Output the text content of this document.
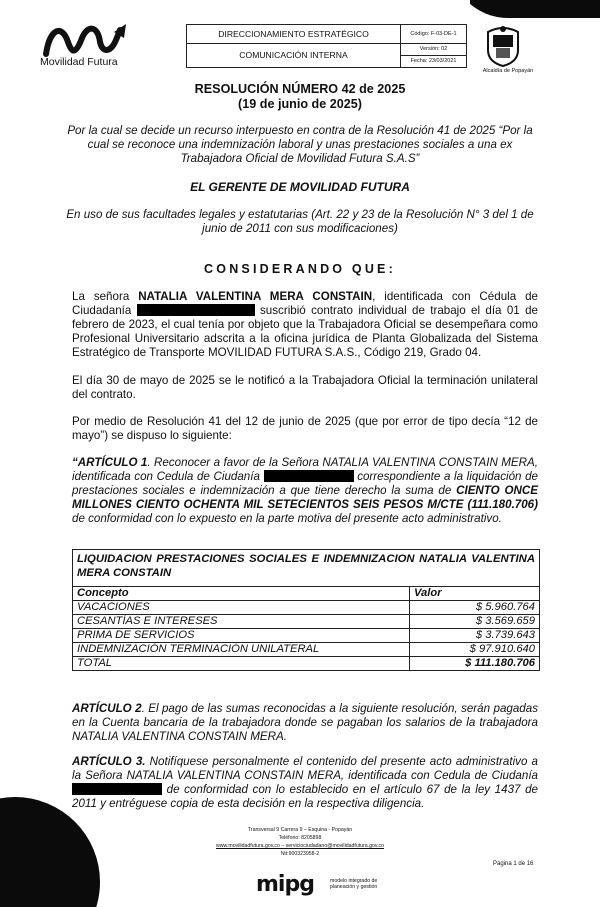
Movilidad Futura
DIRECCIONAMIENTO ESTRATÉGICO	Código: F-03-DE-1
COMUNICACIÓN INTERNA	Versión: 02
	Fecha: 23/03/2021
Alcaldía de Popayán
RESOLUCIÓN NÚMERO 42 de 2025
(19 de junio de 2025)
Por la cual se decide un recurso interpuesto en contra de la Resolución 41 de 2025 “Por la cual se reconoce una indemnización laboral y unas prestaciones sociales a una ex Trabajadora Oficial de Movilidad Futura S.A.S”
EL GERENTE DE MOVILIDAD FUTURA
En uso de sus facultades legales y estatutarias (Art. 22 y 23 de la Resolución N° 3 del 1 de junio de 2011 con sus modificaciones)
CONSIDERANDO QUE:
La señora NATALIA VALENTINA MERA CONSTAIN, identificada con Cédula de Ciudadanía	suscribió contrato individual de trabajo el día 01 de febrero de 2023, el cual tenía por objeto que la Trabajadora Oficial se desempeñara como Profesional Universitario adscrita a la oficina jurídica de Planta Globalizada del Sistema Estratégico de Transporte MOVILIDAD FUTURA S.A.S., Código 219, Grado 04.
El día 30 de mayo de 2025 se le notificó a la Trabajadora Oficial la terminación unilateral del contrato.
Por medio de Resolución 41 del 12 de junio de 2025 (que por error de tipo decía “12 de mayo”) se dispuso lo siguiente:
“ARTÍCULO 1. Reconocer a favor de la Señora NATALIA VALENTINA CONSTAIN MERA, identificada con Cedula de Ciudanía	correspondiente a la liquidación de prestaciones sociales e indemnización a que tiene derecho la suma de CIENTO ONCE MILLONES CIENTO OCHENTA MIL SETECIENTOS SEIS PESOS M/CTE (111.180.706) de conformidad con lo expuesto en la parte motiva del presente acto administrativo.
LIQUIDACION PRESTACIONES SOCIALES E INDEMNIZACION NATALIA VALENTINA MERA CONSTAIN
Concepto	Valor
VACACIONES	$ 5.960.764
CESANTÍAS E INTERESES	$ 3.569.659
PRIMA DE SERVICIOS	$ 3.739.643
INDEMNIZACIÓN TERMINACIÓN UNILATERAL	$ 97.910.640
TOTAL	$ 111.180.706
ARTÍCULO 2. El pago de las sumas reconocidas a la siguiente resolución, serán pagadas en la Cuenta bancaria de la trabajadora donde se pagaban los salarios de la trabajadora NATALIA VALENTINA CONSTAIN MERA.
ARTÍCULO 3. Notifíquese personalmente el contenido del presente acto administrativo a la Señora NATALIA VALENTINA CONSTAIN MERA, identificada con Cedula de Ciudanía  de conformidad con lo establecido en el artículo 67 de la ley 1437 de 2011 y entréguese copia de esta decisión en la respectiva diligencia.
Transversal 9 Carrera 9 – Esquina - Popayán
Teléfono: 8205898
www.movilidadfutura.gov.co – serviciociudadano@movilidadfutura.gov.co
Nit:900323958-2
Página 1 de 16
mipg	modelo integrado de planeación y gestión
